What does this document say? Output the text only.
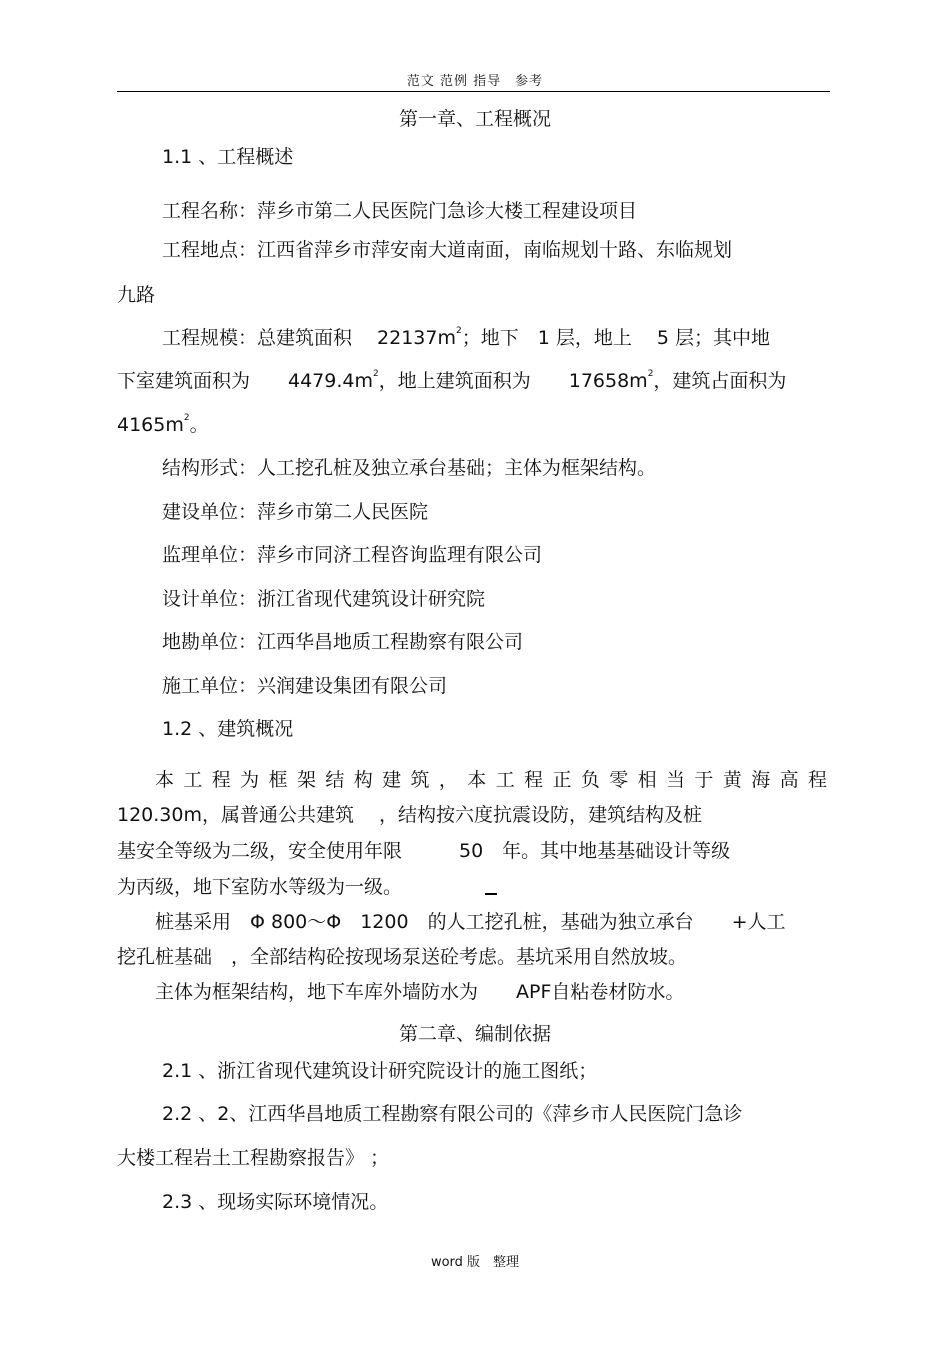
范文 范例 指导　参考
第一章、工程概况
1.1 、工程概述
工程名称：萍乡市第二人民医院门急诊大楼工程建设项目
工程地点：江西省萍乡市萍安南大道南面，南临规划十路、东临规划
九路
工程规模：总建筑面积　 $22137m^2$；地下　1 层，地上　 5 层；其中地
下室建筑面积为　　$4479.4m^2$，地上建筑面积为　　$17658m^2$，建筑占面积为
$4165m^2$。
结构形式：人工挖孔桩及独立承台基础；主体为框架结构。
建设单位：萍乡市第二人民医院
监理单位：萍乡市同济工程咨询监理有限公司
设计单位：浙江省现代建筑设计研究院
地勘单位：江西华昌地质工程勘察有限公司
施工单位：兴润建设集团有限公司
1.2 、建筑概况
本 工 程 为 框 架 结 构 建 筑 ， 本 工 程 正 负 零 相 当 于 黄 海 高 程
120.30m，属普通公共建筑　 ，结构按六度抗震设防，建筑结构及桩
基安全等级为二级，安全使用年限　　　50　年。其中地基基础设计等级
为丙级，地下室防水等级为一级。
桩基采用　Φ 800～Φ　1200　的人工挖孔桩，基础为独立承台　　+人工
挖孔桩基础　，全部结构砼按现场泵送砼考虑。基坑采用自然放坡。
主体为框架结构，地下车库外墙防水为　　APF自粘卷材防水。
第二章、编制依据
2.1 、浙江省现代建筑设计研究院设计的施工图纸；
2.2 、2、江西华昌地质工程勘察有限公司的《萍乡市人民医院门急诊
大楼工程岩土工程勘察报告》 ；
2.3 、现场实际环境情况。
word 版　整理
